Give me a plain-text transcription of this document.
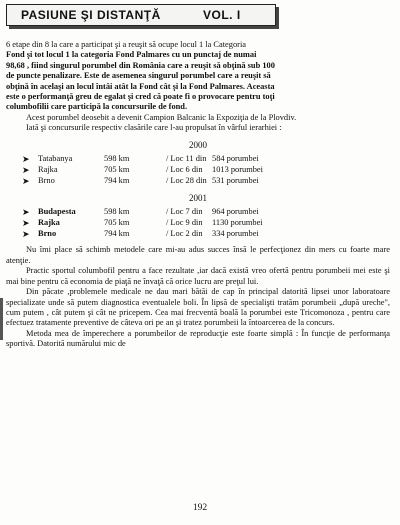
PASIUNE ŞI DISTANŢĂ	VOL. I

6 etape din 8 la care a participat şi a reuşit să ocupe locul 1 la Categoria

Fond şi tot locul 1 la categoria Fond Palmares cu un punctaj de numai

98,68 , fiind singurul porumbel din România care a reuşit să obţină sub 100

de puncte penalizare. Este de asemenea singurul porumbel care a reuşit să

obţină în acelaşi an locul întâi atât la Fond cât şi la Fond Palmares. Aceasta

este o performanţă greu de egalat şi cred că poate fi o provocare pentru toţi

columbofilii care participă la concursurile de fond.

Acest porumbel deosebit a devenit Campion Balcanic la Expoziţia de la Plovdiv.

Iată şi concursurile respectiv clasările care l-au propulsat în vârful ierarhiei :

2000
➤ Tatabanya	598 km	/ Loc 11 din 584 porumbei
➤ Rajka	705 km	/ Loc 6 din 1013 porumbei
➤ Brno	794 km	/ Loc 28 din 531 porumbei
2001
➤ Budapesta	598 km	/ Loc 7 din 964 porumbei
➤ Rajka	705 km	/ Loc 9 din 1130 porumbei
➤ Brno	794 km	/ Loc 2 din 334 porumbei

Nu îmi place să schimb metodele care mi-au adus succes însă le perfecţionez din mers cu foarte mare atenţie.

Practic sportul columbofil pentru a face rezultate ,iar dacă există vreo ofertă pentru porumbeii mei este şi mai bine pentru că economia de piaţă ne învaţă că orice lucru are preţul lui.

Din păcate ,problemele medicale ne dau mari bătăi de cap în principal datorită lipsei unor laboratoare specializate unde să putem diagnostica eventualele boli. În lipsă de specialişti tratăm porumbeii „după ureche", cum putem , cât putem şi cât ne pricepem. Cea mai frecventă boală la porumbei este Tricomonoza , pentru care efectuez tratamente preventive de câteva ori pe an şi tratez porumbeii la întoarcerea de la concurs.

Metoda mea de împerechere a porumbeilor de reproducţie este foarte simplă : În funcţie de performanţa sportivă. Datorită numărului mic de

192
